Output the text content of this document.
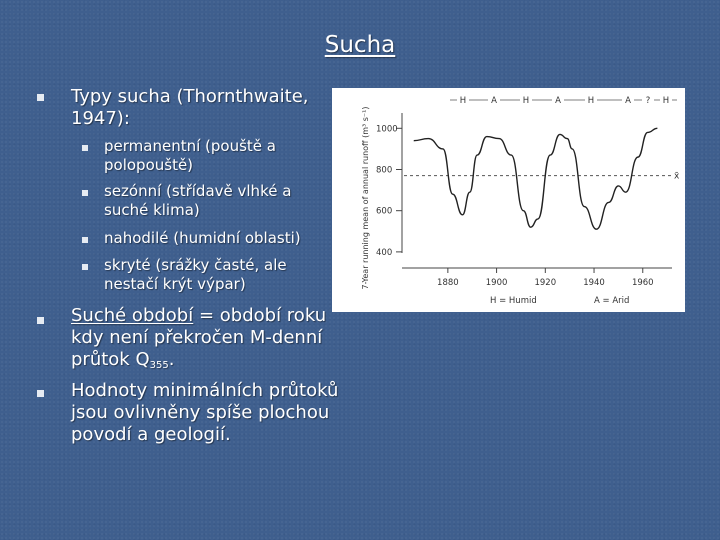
Sucha
Typy sucha (Thornthwaite, 1947):
permanentní (pouště a polopouště)
sezónní (střídavě vlhké a suché klima)
nahodilé (humidní oblasti)
skryté (srážky časté, ale nestačí krýt výpar)
Suché období = období roku kdy není překročen M-denní průtok $Q_{355}$.
Hodnoty minimálních průtoků jsou ovlivněny spíše plochou povodí a geologií.
H	A	H	A	H	A ? H
7-Year running mean of annual runoff (m³ s⁻¹) 1000
800
600
400
1880	1900	1920	1940	1960
x̄
H = Humid	A = Arid
